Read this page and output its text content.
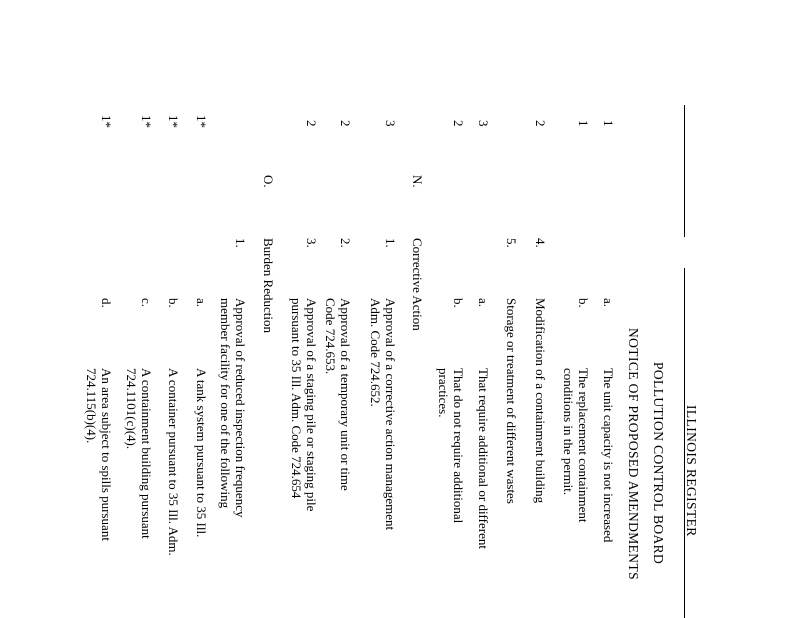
ILLINOIS REGISTER
POLLUTION CONTROL BOARD
NOTICE OF PROPOSED AMENDMENTS
1
1
2
3
2
3
2
2
1*
1*
1*
1*
N.
O.
4.
5.
1.
2.
3.
1.
a.
b.
a.
b.
a.
b.
c.
d.
The unit capacity is not increased
The replacement containment
conditions in the permit.
Modification of a containment building
Storage or treatment of different wastes
That require additional or different
That do not require additional
practices.
Corrective Action
Approval of a corrective action management
Adm. Code 724.652.
Approval of a temporary unit or time
Code 724.653.
Approval of a staging pile or staging pile
pursuant to 35 Ill. Adm. Code 724.654
Burden Reduction
Approval of reduced inspection frequency
member facility for one of the following
A tank system pursuant to 35 Ill.
A container pursuant to 35 Ill. Adm.
A containment building pursuant
724.1101(c)(4).
An area subject to spills pursuant
724.115(b)(4).
